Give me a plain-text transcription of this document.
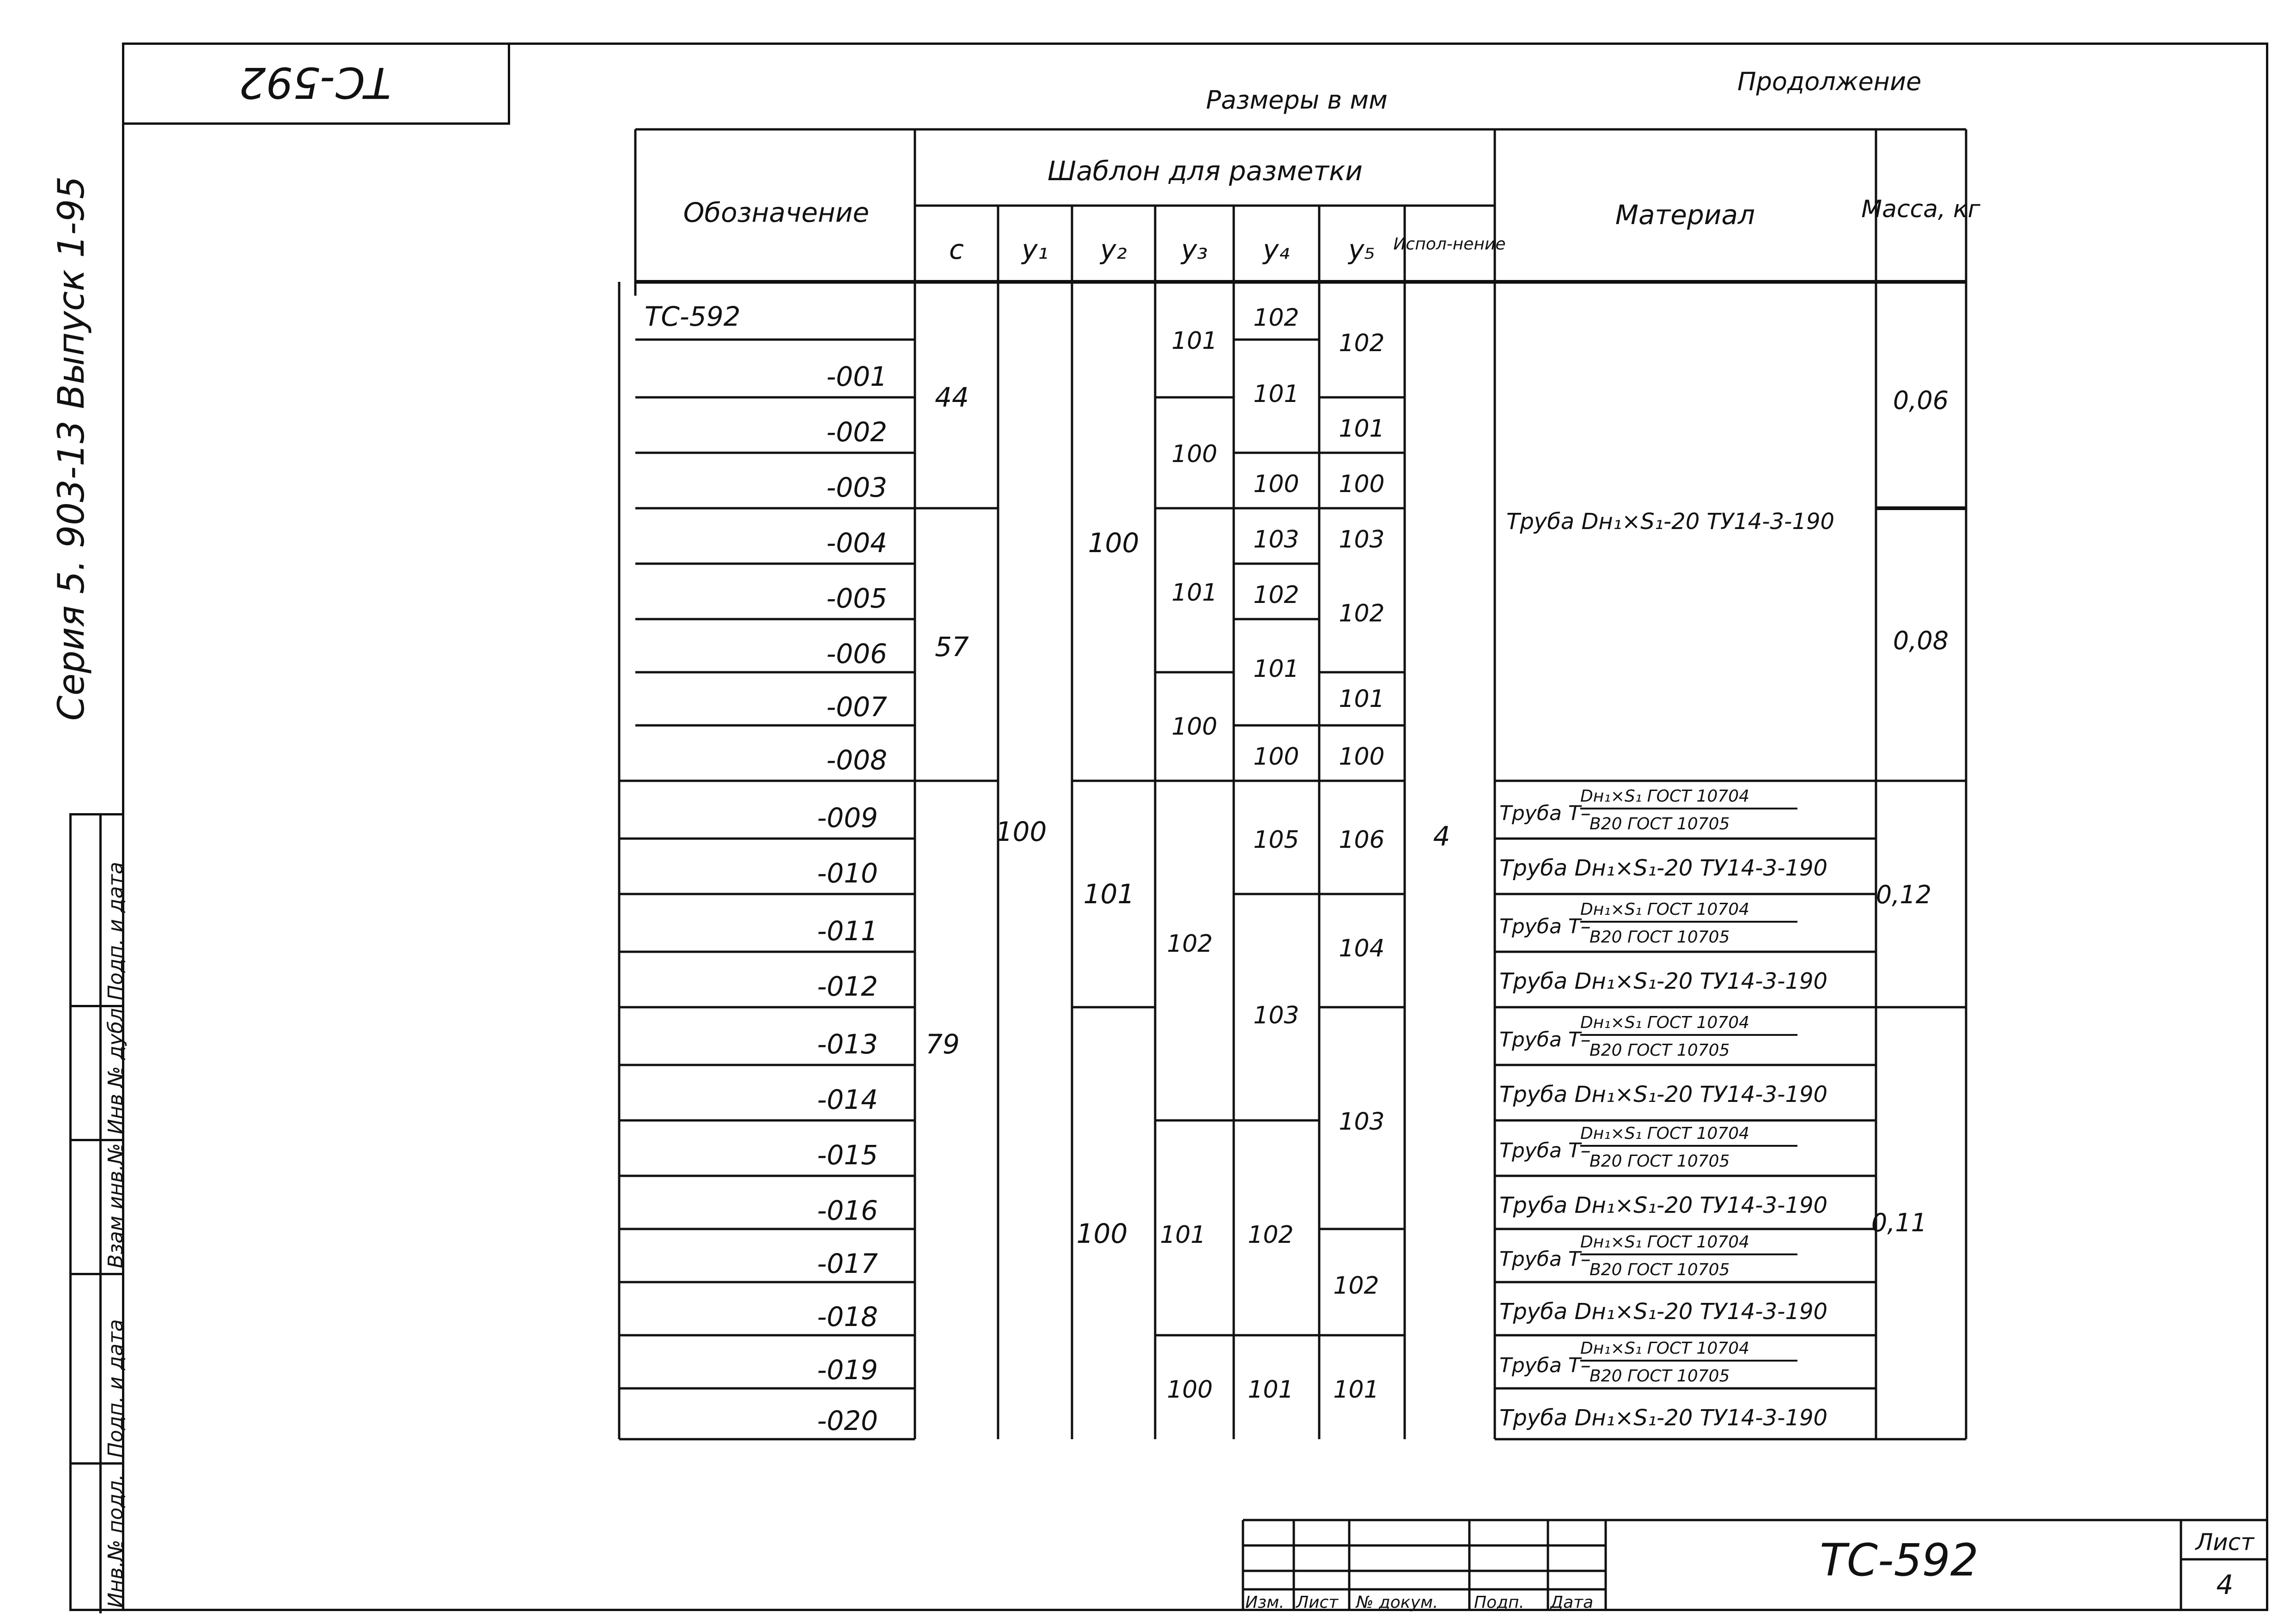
ТС-592
Серия 5. 903-13 Выпуск 1-95
Подп. и дата
Инв № дубл
Взам инв.№
Подп. и дата
Инв.№ подл.
Размеры в мм
Продолжение
Обозначение
Шаблон для разметки
c y₁ y₂ y₃ y₄ y₅
Материал
Испол-нение
Масса, кг
ТС-592
-001
-002
-003
-004
-005
-006
-007
-008
-009
-010
-011
-012
-013
-014
-015
-016
-017
-018
-019
-020
44
57
79
100
100
101
100
101
100
101
100
102
101
100
102
101
100
103
102
101
100
105
103
102
101
102
101
100
103
102
101
100
106
104
103
102
101
4
Труба Dн₁×S₁-20 ТУ14-3-190
Труба Dн₁×S₁-20 ТУ14-3-190
Труба Dн₁×S₁-20 ТУ14-3-190
Труба Dн₁×S₁-20 ТУ14-3-190
Труба Dн₁×S₁-20 ТУ14-3-190
Труба Dн₁×S₁-20 ТУ14-3-190
Труба Dн₁×S₁-20 ТУ14-3-190
Труба Т–
Dн₁×S₁ ГОСТ 10704
В20 ГОСТ 10705
Труба Т–
Dн₁×S₁ ГОСТ 10704
В20 ГОСТ 10705
Труба Т–
Dн₁×S₁ ГОСТ 10704
В20 ГОСТ 10705
Труба Т–
Dн₁×S₁ ГОСТ 10704
В20 ГОСТ 10705
Труба Т–
Dн₁×S₁ ГОСТ 10704
В20 ГОСТ 10705
Труба Т–
Dн₁×S₁ ГОСТ 10704
В20 ГОСТ 10705
0,06
0,08
0,12
0,11
Изм. Лист № докум. Подп. Дата
ТС-592	Лист
4
